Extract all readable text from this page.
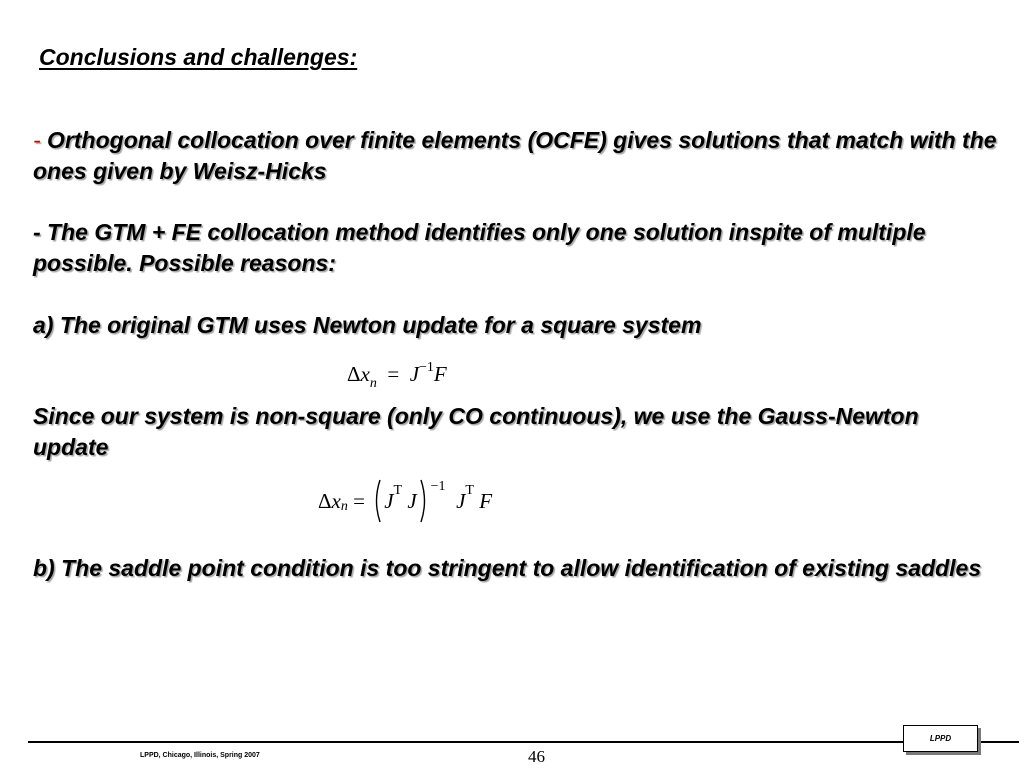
Conclusions and challenges:
- Orthogonal collocation over finite elements (OCFE) gives solutions that match with the ones given by Weisz-Hicks
- The GTM + FE collocation method identifies only one solution inspite of multiple possible. Possible reasons:
a) The original GTM uses Newton update for a square system
$\Delta x_n = J^{-1}F$
Since our system is non-square (only CO continuous), we use the Gauss-Newton update
Δ x n
=
J T
J
−1

J T
F
b) The saddle point condition is too stringent to allow identification of existing saddles
LPPD, Chicago, Illinois, Spring 2007	46
LPPD
